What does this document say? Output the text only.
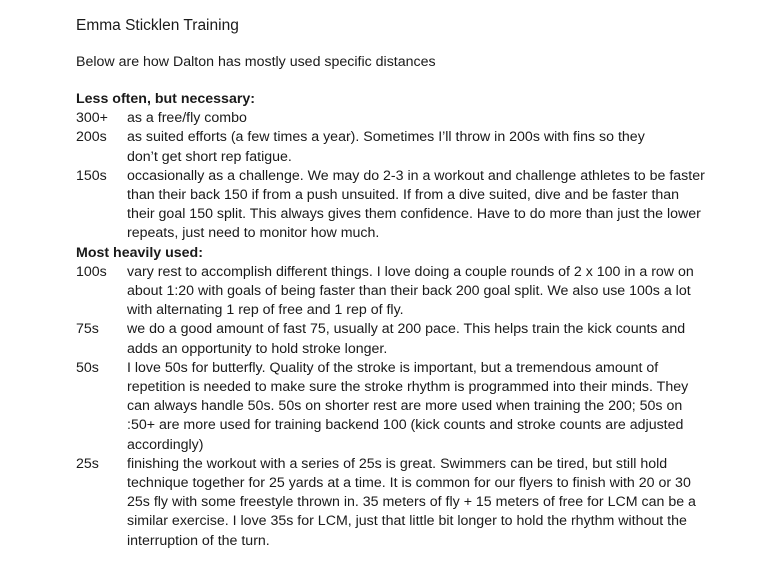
Emma Sticklen Training

Below are how Dalton has mostly used specific distances

Less often, but necessary:

300+	as a free/fly combo
200s	as suited efforts (a few times a year). Sometimes I’ll throw in 200s with fins so they
don’t get short rep fatigue.
150s	occasionally as a challenge. We may do 2-3 in a workout and challenge athletes to be faster
than their back 150 if from a push unsuited. If from a dive suited, dive and be faster than
their goal 150 split. This always gives them confidence. Have to do more than just the lower
repeats, just need to monitor how much.

Most heavily used:

100s	vary rest to accomplish different things. I love doing a couple rounds of 2 x 100 in a row on
about 1:20 with goals of being faster than their back 200 goal split. We also use 100s a lot
with alternating 1 rep of free and 1 rep of fly.
75s	we do a good amount of fast 75, usually at 200 pace. This helps train the kick counts and
adds an opportunity to hold stroke longer.
50s	I love 50s for butterfly. Quality of the stroke is important, but a tremendous amount of
repetition is needed to make sure the stroke rhythm is programmed into their minds. They
can always handle 50s. 50s on shorter rest are more used when training the 200; 50s on
:50+ are more used for training backend 100 (kick counts and stroke counts are adjusted
accordingly)
25s	finishing the workout with a series of 25s is great. Swimmers can be tired, but still hold
technique together for 25 yards at a time. It is common for our flyers to finish with 20 or 30
25s fly with some freestyle thrown in. 35 meters of fly + 15 meters of free for LCM can be a
similar exercise. I love 35s for LCM, just that little bit longer to hold the rhythm without the
interruption of the turn.
